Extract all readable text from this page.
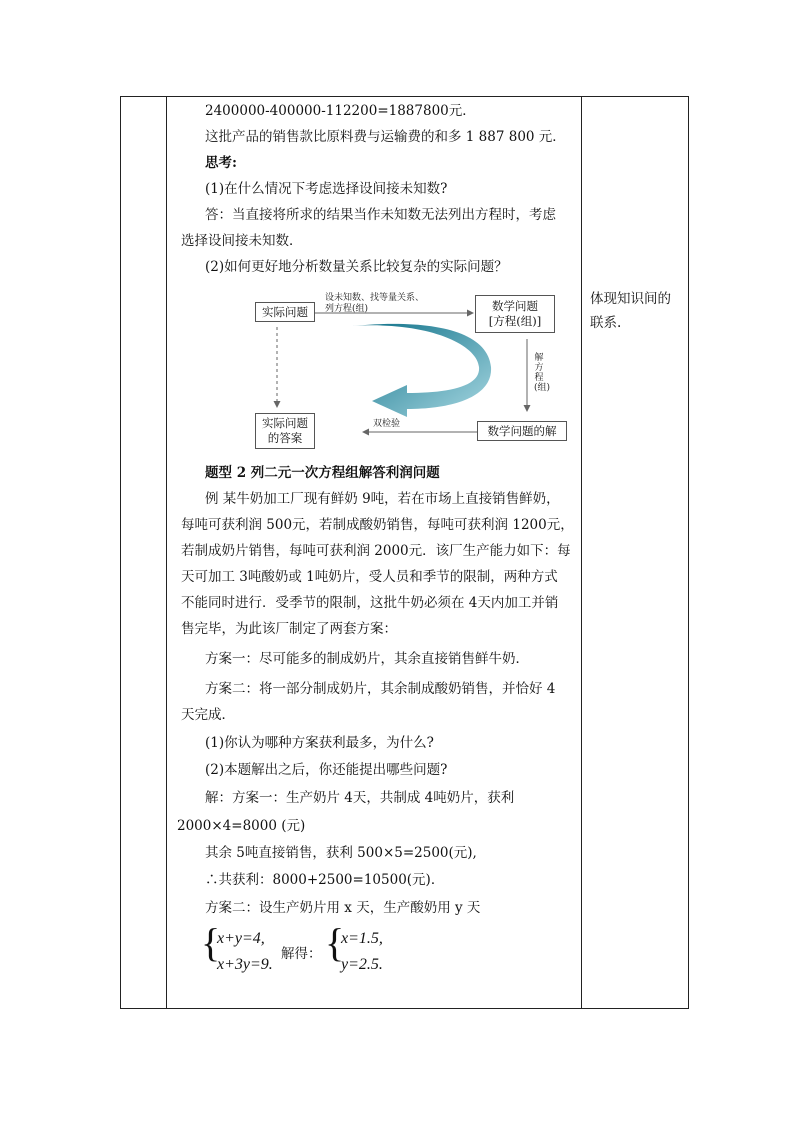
2400000-400000-112200=1887800元．
这批产品的销售款比原料费与运输费的和多 1 887 800 元．
思考:
(1)在什么情况下考虑选择设间接未知数?
答：当直接将所求的结果当作未知数无法列出方程时，考虑
选择设间接未知数．
(2)如何更好地分析数量关系比较复杂的实际问题？
实际问题	数学问题
[方程(组)]
数学问题的解
实际问题
的答案
设未知数、找等量关系、
列方程(组)
解方程(组)
双检验
题型 2 列二元一次方程组解答利润问题
例 某牛奶加工厂现有鲜奶 9吨，若在市场上直接销售鲜奶，
每吨可获利润 500元，若制成酸奶销售，每吨可获利润 1200元，
若制成奶片销售，每吨可获利润 2000元．该厂生产能力如下：每
天可加工 3吨酸奶或 1吨奶片，受人员和季节的限制，两种方式
不能同时进行．受季节的限制，这批牛奶必须在 4天内加工并销
售完毕，为此该厂制定了两套方案：
方案一：尽可能多的制成奶片，其余直接销售鲜牛奶．
方案二：将一部分制成奶片，其余制成酸奶销售，并恰好 4
天完成．
(1)你认为哪种方案获利最多，为什么?
(2)本题解出之后，你还能提出哪些问题?
解：方案一：生产奶片 4天，共制成 4吨奶片，获利
2000×4=8000 (元)
其余 5吨直接销售，获利 500×5=2500(元),
∴共获利：8000+2500=10500(元)．
方案二：设生产奶片用 x 天，生产酸奶用 y 天
{
x+y=4,
x+3y=9.
解得： {
x=1.5,
y=2.5.
体现知识间的
联系.
